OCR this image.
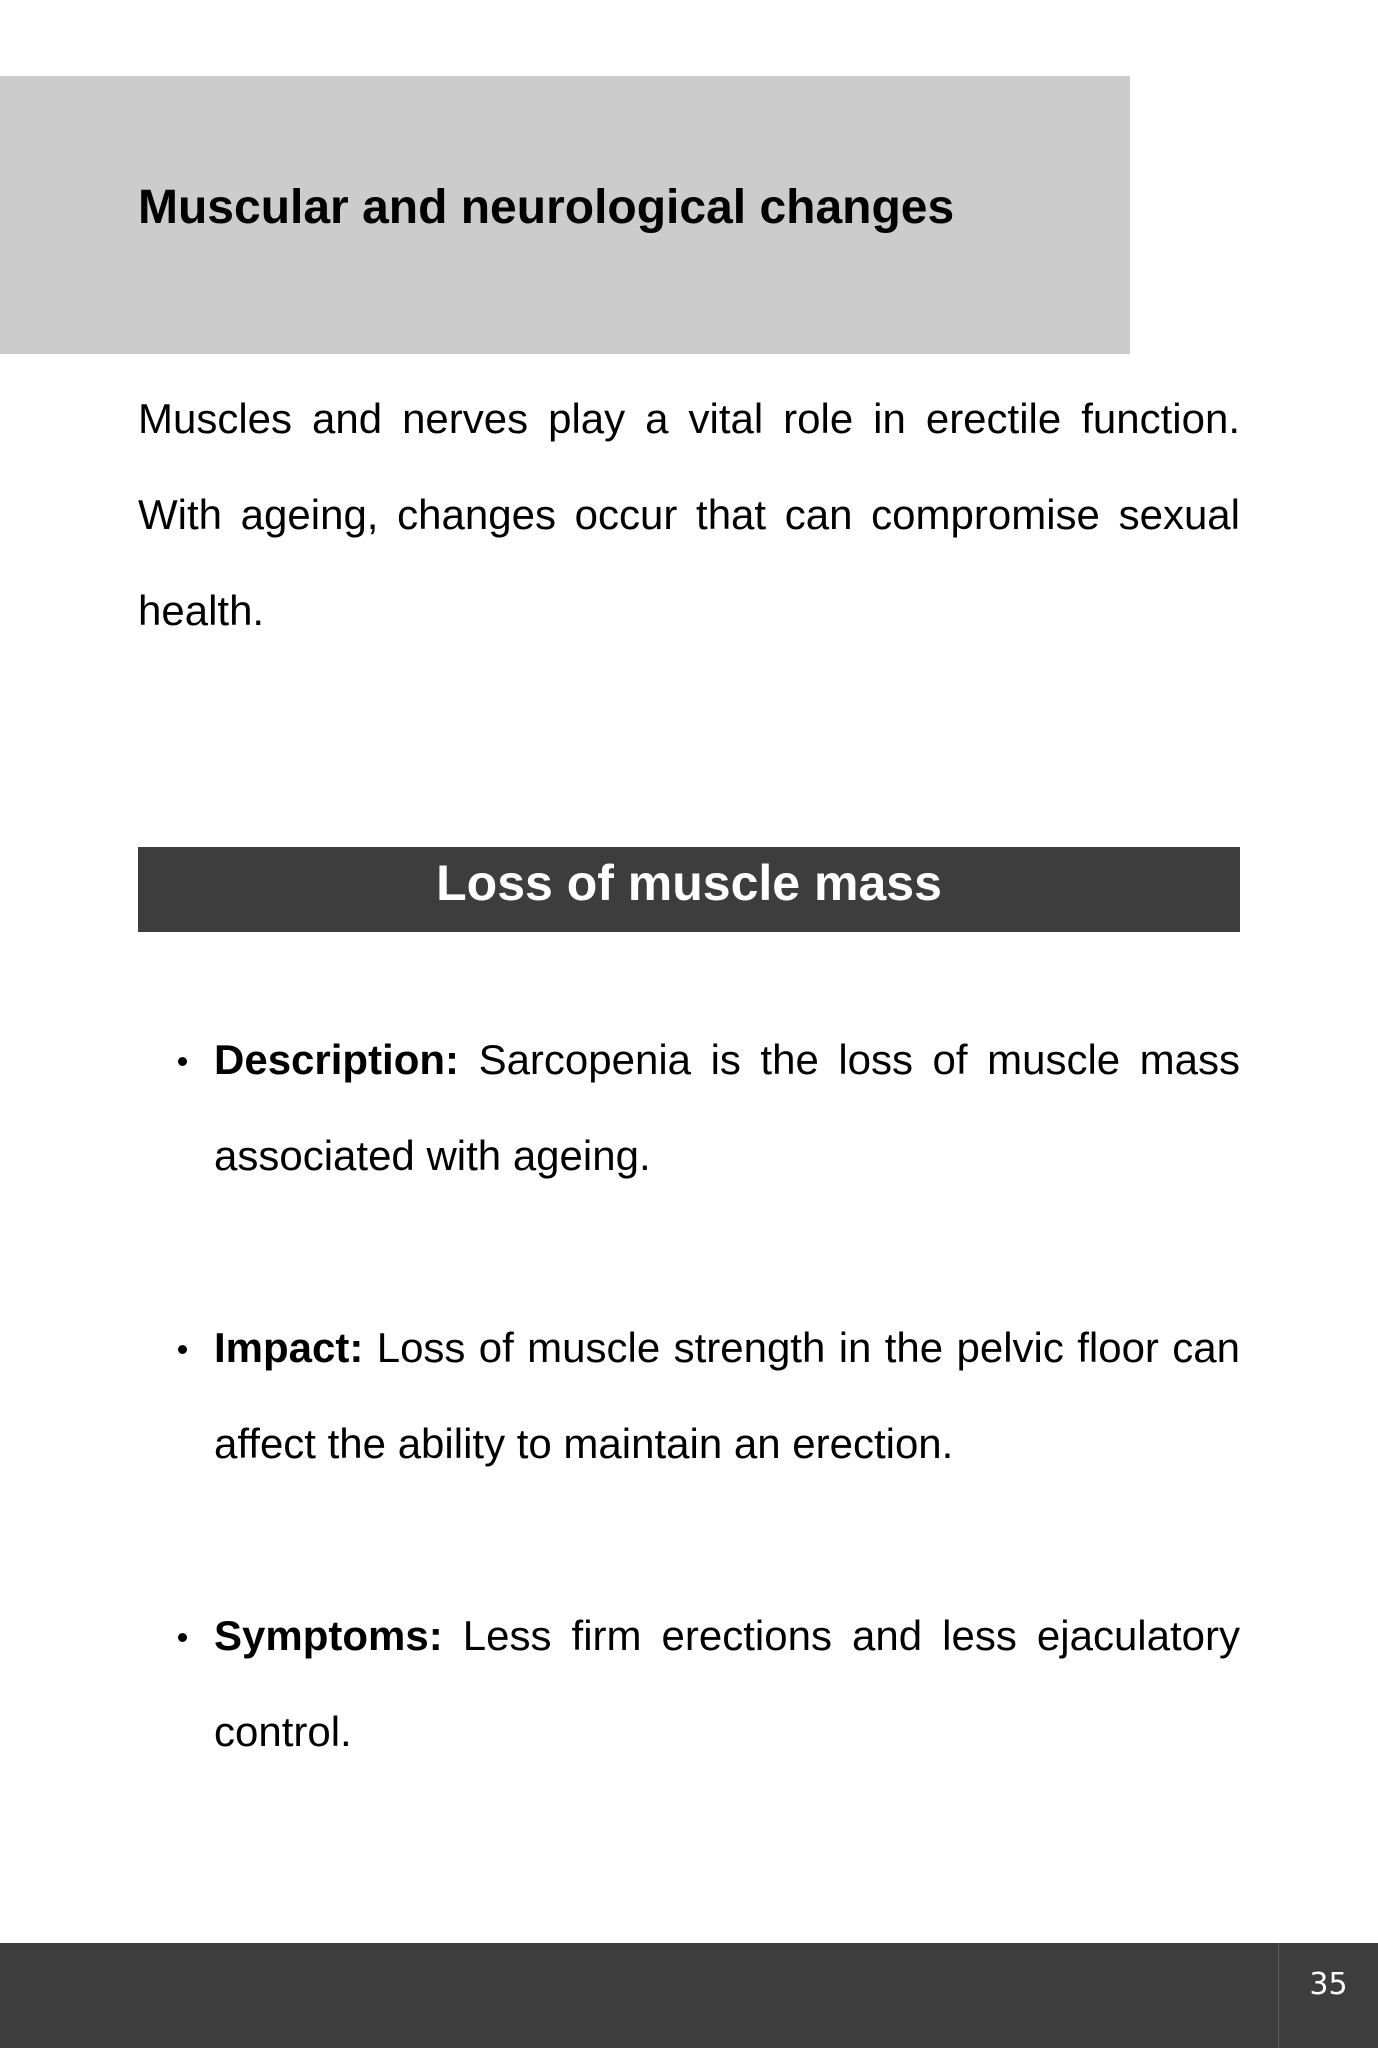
Muscular and neurological changes

Muscles and nerves play a vital role in erectile function. With ageing, changes occur that can compromise sexual health.

Loss of muscle mass
Description: Sarcopenia is the loss of muscle mass associated with ageing.
Impact: Loss of muscle strength in the pelvic floor can affect the ability to maintain an erection.
Symptoms: Less firm erections and less ejaculatory control.
35
